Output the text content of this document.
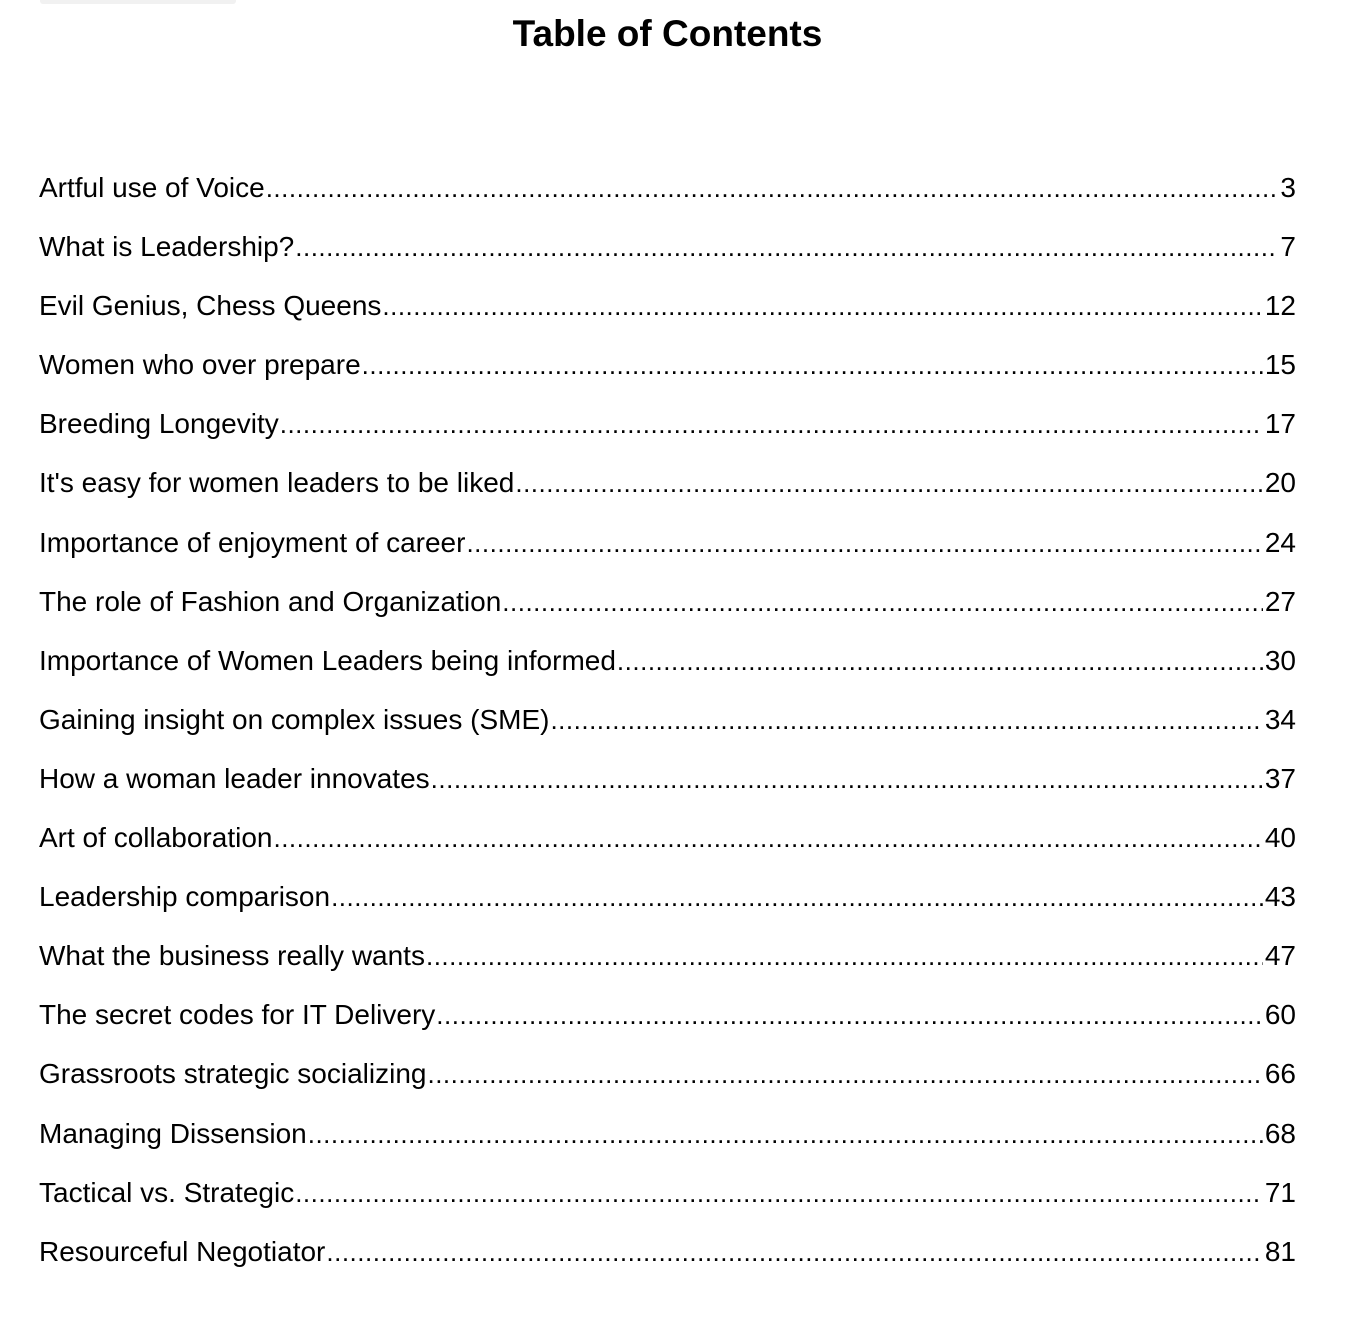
Table of Contents
Artful use of Voice .....	3
What is Leadership? .....	7
Evil Genius, Chess Queens .....	12
Women who over prepare .....	15
Breeding Longevity .....	17
It's easy for women leaders to be liked .....	20
Importance of enjoyment of career .....	24
The role of Fashion and Organization .....	27
Importance of Women Leaders being informed .....	30
Gaining insight on complex issues (SME) .....	34
How a woman leader innovates .....	37
Art of collaboration .....	40
Leadership comparison .....	43
What the business really wants .....	47
The secret codes for IT Delivery .....	60
Grassroots strategic socializing .....	66
Managing Dissension .....	68
Tactical vs. Strategic .....	71
Resourceful Negotiator .....	81
